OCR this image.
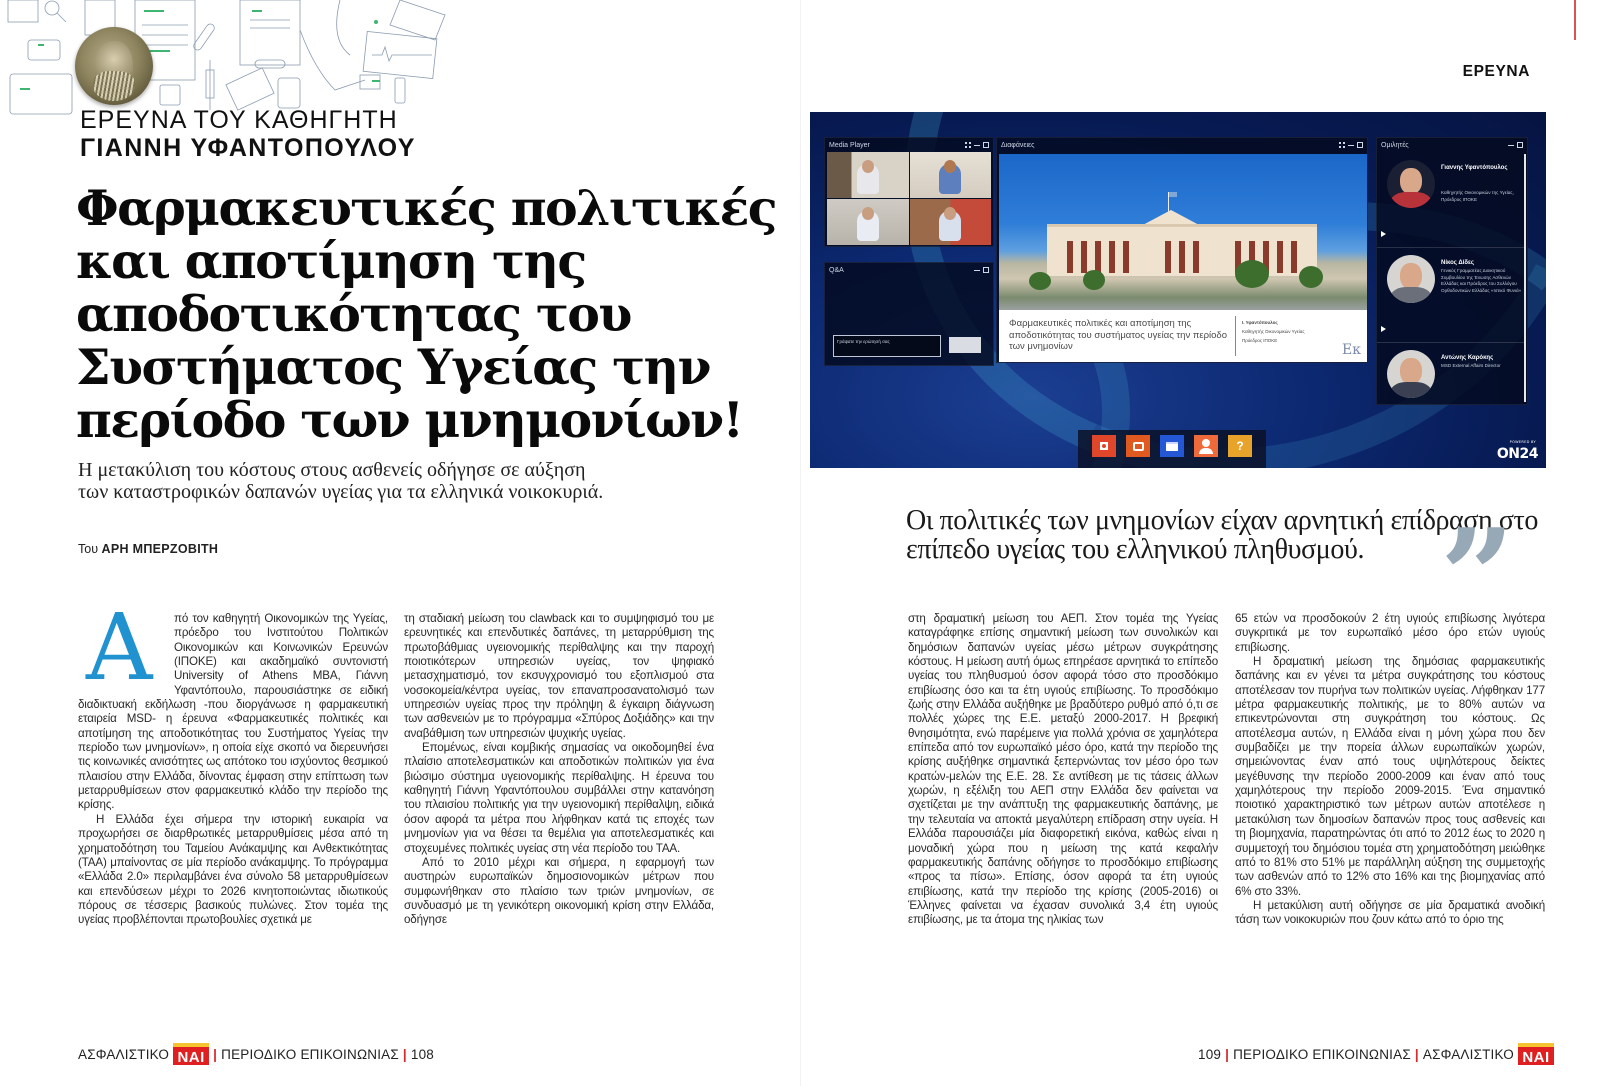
ΕΡΕΥΝΑ ΤΟΥ ΚΑΘΗΓΗΤΗ
ΓΙΑΝΝΗ ΥΦΑΝΤΟΠΟΥΛΟΥ
Φαρμακευτικές πολιτικές
και αποτίμηση της
αποδοτικότητας του
Συστήματος Υγείας την
περίοδο των μνημονίων!
Η μετακύλιση του κόστους στους ασθενείς οδήγησε σε αύξηση
των καταστροφικών δαπανών υγείας για τα ελληνικά νοικοκυριά.
Του ΑΡΗ ΜΠΕΡΖΟΒΙΤΗ

Α πό τον καθηγητή Οικονομικών της Υγείας, πρόεδρο του Ινστιτούτου Πολιτικών Οικονομικών και Κοινωνικών Ερευνών (ΙΠΟΚΕ) και ακαδημαϊκό συντονιστή University of Athens MBA, Γιάννη Υφαντόπουλο, παρουσιάστηκε σε ειδική διαδικτυακή εκδήλωση -που διοργάνωσε η φαρμακευτική εταιρεία MSD- η έρευνα «Φαρμακευτικές πολιτικές και αποτίμηση της αποδοτικότητας του Συστήματος Υγείας την περίοδο των μνημονίων», η οποία είχε σκοπό να διερευνήσει τις κοινωνικές ανισότητες ως απότοκο του ισχύοντος θεσμικού πλαισίου στην Ελλάδα, δίνοντας έμφαση στην επίπτωση των μεταρρυθμίσεων στον φαρμακευτικό κλάδο την περίοδο της κρίσης.

Η Ελλάδα έχει σήμερα την ιστορική ευκαιρία να προχωρήσει σε διαρθρωτικές μεταρρυθμίσεις μέσα από τη χρηματοδότηση του Ταμείου Ανάκαμψης και Ανθεκτικότητας (ΤΑΑ) μπαίνοντας σε μία περίοδο ανάκαμψης. Το πρόγραμμα «Ελλάδα 2.0» περιλαμβάνει ένα σύνολο 58 μεταρρυθμίσεων και επενδύσεων μέχρι το 2026 κινητοποιώντας ιδιωτικούς πόρους σε τέσσερις βασικούς πυλώνες. Στον τομέα της υγείας προβλέπονται πρωτοβουλίες σχετικά με

τη σταδιακή μείωση του clawback και το συμψηφισμό του με ερευνητικές και επενδυτικές δαπάνες, τη μεταρρύθμιση της πρωτοβάθμιας υγειονομικής περίθαλψης και την παροχή ποιοτικότερων υπηρεσιών υγείας, τον ψηφιακό μετασχηματισμό, τον εκσυγχρονισμό του εξοπλισμού στα νοσοκομεία/κέντρα υγείας, τον επαναπροσανατολισμό των υπηρεσιών υγείας προς την πρόληψη & έγκαιρη διάγνωση των ασθενειών με το πρόγραμμα «Σπύρος Δοξιάδης» και την αναβάθμιση των υπηρεσιών ψυχικής υγείας.

Επομένως, είναι κομβικής σημασίας να οικοδομηθεί ένα πλαίσιο αποτελεσματικών και αποδοτικών πολιτικών για ένα βιώσιμο σύστημα υγειονομικής περίθαλψης. Η έρευνα του καθηγητή Γιάννη Υφαντόπουλου συμβάλλει στην κατανόηση του πλαισίου πολιτικής για την υγειονομική περίθαλψη, ειδικά όσον αφορά τα μέτρα που λήφθηκαν κατά τις εποχές των μνημονίων για να θέσει τα θεμέλια για αποτελεσματικές και στοχευμένες πολιτικές υγείας στη νέα περίοδο του ΤΑΑ.

Από το 2010 μέχρι και σήμερα, η εφαρμογή των αυστηρών ευρωπαϊκών δημοσιονομικών μέτρων που συμφωνήθηκαν στο πλαίσιο των τριών μνημονίων, σε συνδυασμό με τη γενικότερη οικονομική κρίση στην Ελλάδα, οδήγησε

ΑΣΦΑΛΙΣΤΙΚΟ ΝΑΙ | ΠΕΡΙΟΔΙΚΟ ΕΠΙΚΟΙΝΩΝΙΑΣ | 108
ΕΡΕΥΝΑ
Media Player
Q&A
Γράψατε την ερώτησή σας
Διαφάνειες
Φαρμακευτικές πολιτικές και αποτίμηση της αποδοτικότητας του συστήματος υγείας την περίοδο των μνημονίων
Ι. Υφαντόπουλος
Καθηγητής Οικονομικών Υγείας
Πρόεδρος ΙΠΟΚΕ
Εκ
Ομιλητές
Γιαννης Υφαντόπουλος
Καθηγητής Οικονομικών της Υγείας, Πρόεδρος ΙΠΟΚΕ
Νίκος Δίδες
Γενικός Γραμματέας Διοικητικού Συμβουλίου της Ένωσης Ασθενών Ελλάδας και Πρόεδρος του Συλλόγου Ορθοδοντικών Ελλάδας «Ιστικό Φυνιά»
Αντώνης Καρόκης
MSD External Affairs Director
?	POWERED BY
ON24
Οι πολιτικές των μνημονίων είχαν αρνητική επίδραση στο επίπεδο υγείας του ελληνικού πληθυσμού. ”

στη δραματική μείωση του ΑΕΠ. Στον τομέα της Υγείας καταγράφηκε επίσης σημαντική μείωση των συνολικών και δημόσιων δαπανών υγείας μέσω μέτρων συγκράτησης κόστους. Η μείωση αυτή όμως επηρέασε αρνητικά το επίπεδο υγείας του πληθυσμού όσον αφορά τόσο στο προσδόκιμο επιβίωσης όσο και τα έτη υγιούς επιβίωσης. Το προσδόκιμο ζωής στην Ελλάδα αυξήθηκε με βραδύτερο ρυθμό από ό,τι σε πολλές χώρες της Ε.Ε. μεταξύ 2000-2017. Η βρεφική θνησιμότητα, ενώ παρέμεινε για πολλά χρόνια σε χαμηλότερα επίπεδα από τον ευρωπαϊκό μέσο όρο, κατά την περίοδο της κρίσης αυξήθηκε σημαντικά ξεπερνώντας τον μέσο όρο των κρατών-μελών της Ε.Ε. 28. Σε αντίθεση με τις τάσεις άλλων χωρών, η εξέλιξη του ΑΕΠ στην Ελλάδα δεν φαίνεται να σχετίζεται με την ανάπτυξη της φαρμακευτικής δαπάνης, με την τελευταία να αποκτά μεγαλύτερη επίδραση στην υγεία. Η Ελλάδα παρουσιάζει μία διαφορετική εικόνα, καθώς είναι η μοναδική χώρα που η μείωση της κατά κεφαλήν φαρμακευτικής δαπάνης οδήγησε το προσδόκιμο επιβίωσης «προς τα πίσω». Επίσης, όσον αφορά τα έτη υγιούς επιβίωσης, κατά την περίοδο της κρίσης (2005-2016) οι Έλληνες φαίνεται να έχασαν συνολικά 3,4 έτη υγιούς επιβίωσης, με τα άτομα της ηλικίας των

65 ετών να προσδοκούν 2 έτη υγιούς επιβίωσης λιγότερα συγκριτικά με τον ευρωπαϊκό μέσο όρο ετών υγιούς επιβίωσης.

Η δραματική μείωση της δημόσιας φαρμακευτικής δαπάνης και εν γένει τα μέτρα συγκράτησης του κόστους αποτέλεσαν τον πυρήνα των πολιτικών υγείας. Λήφθηκαν 177 μέτρα φαρμακευτικής πολιτικής, με το 80% αυτών να επικεντρώνονται στη συγκράτηση του κόστους. Ως αποτέλεσμα αυτών, η Ελλάδα είναι η μόνη χώρα που δεν συμβαδίζει με την πορεία άλλων ευρωπαϊκών χωρών, σημειώνοντας έναν από τους υψηλότερους δείκτες μεγέθυνσης την περίοδο 2000-2009 και έναν από τους χαμηλότερους την περίοδο 2009-2015. Ένα σημαντικό ποιοτικό χαρακτηριστικό των μέτρων αυτών αποτέλεσε η μετακύλιση των δημοσίων δαπανών προς τους ασθενείς και τη βιομηχανία, παρατηρώντας ότι από το 2012 έως το 2020 η συμμετοχή του δημόσιου τομέα στη χρηματοδότηση μειώθηκε από το 81% στο 51% με παράλληλη αύξηση της συμμετοχής των ασθενών από το 12% στο 16% και της βιομηχανίας από 6% στο 33%.

Η μετακύλιση αυτή οδήγησε σε μία δραματικά ανοδική τάση των νοικοκυριών που ζουν κάτω από το όριο της

109 | ΠΕΡΙΟΔΙΚΟ ΕΠΙΚΟΙΝΩΝΙΑΣ | ΑΣΦΑΛΙΣΤΙΚΟ ΝΑΙ
